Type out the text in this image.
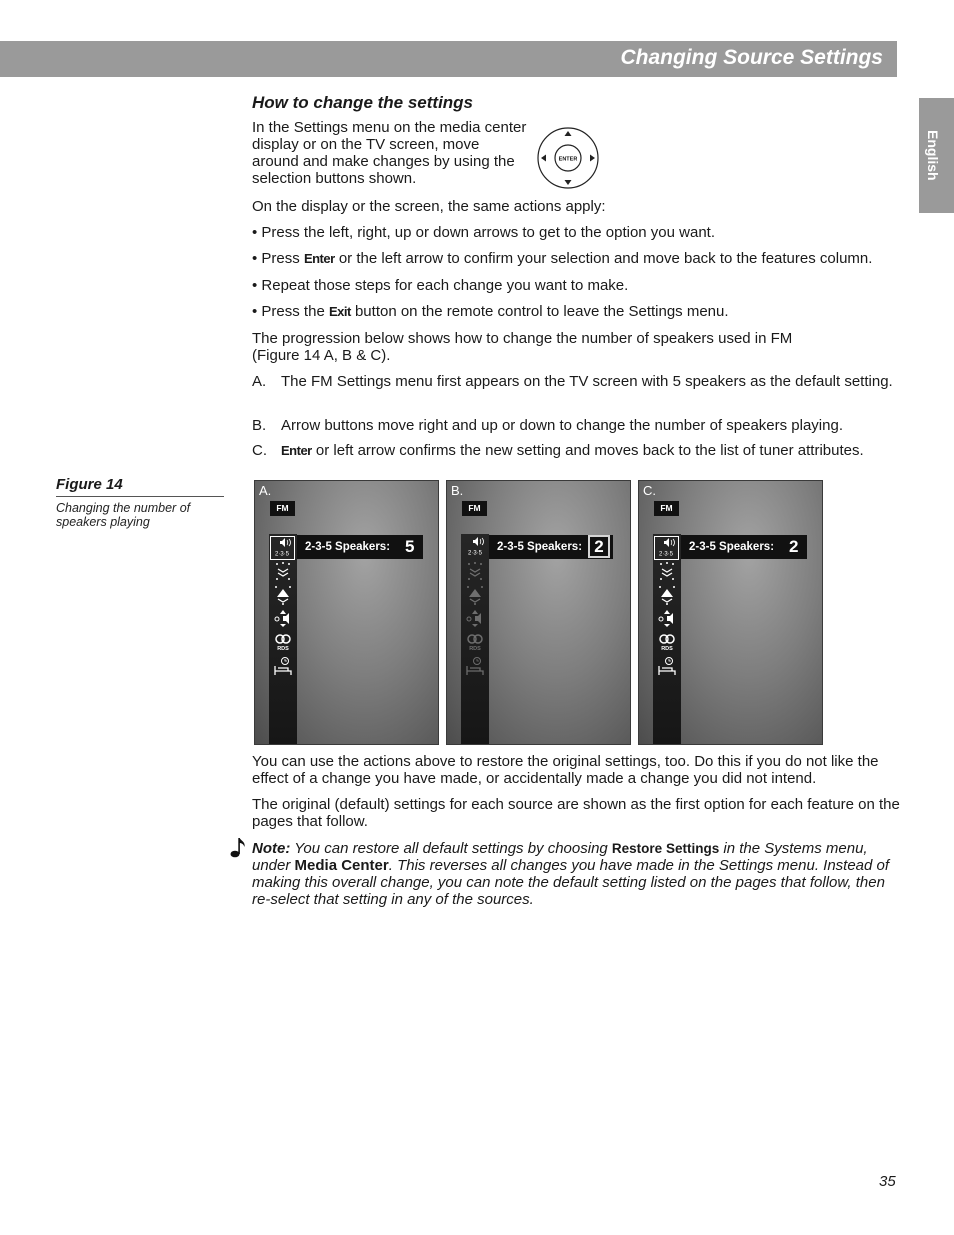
Changing Source Settings
English
How to change the settings

In the Settings menu on the media center display or on the TV screen, move around and make changes by using the selection buttons shown.

ENTER

On the display or the screen, the same actions apply:

• Press the left, right, up or down arrows to get to the option you want.

• Press Enter or the left arrow to confirm your selection and move back to the features column.

• Repeat those steps for each change you want to make.

• Press the Exit button on the remote control to leave the Settings menu.

The progression below shows how to change the number of speakers used in FM (Figure 14 A, B & C).

A. The FM Settings menu first appears on the TV screen with 5 speakers as the default setting.

B. Arrow buttons move right and up or down to change the number of speakers playing.

C. Enter or left arrow confirms the new setting and moves back to the list of tuner attributes.

Figure 14
Changing the number of speakers playing
A.
FM
2·3·5
RDS
2-3-5 Speakers: 5
B.
FM
2·3·5
RDS
2-3-5 Speakers: 2
C.
FM
2·3·5
RDS
2-3-5 Speakers: 2

You can use the actions above to restore the original settings, too. Do this if you do not like the effect of a change you have made, or accidentally made a change you did not intend.

The original (default) settings for each source are shown as the first option for each feature on the pages that follow.

Note: You can restore all default settings by choosing Restore Settings in the Systems menu, under Media Center. This reverses all changes you have made in the Settings menu. Instead of making this overall change, you can note the default setting listed on the pages that follow, then re-select that setting in any of the sources.

35
